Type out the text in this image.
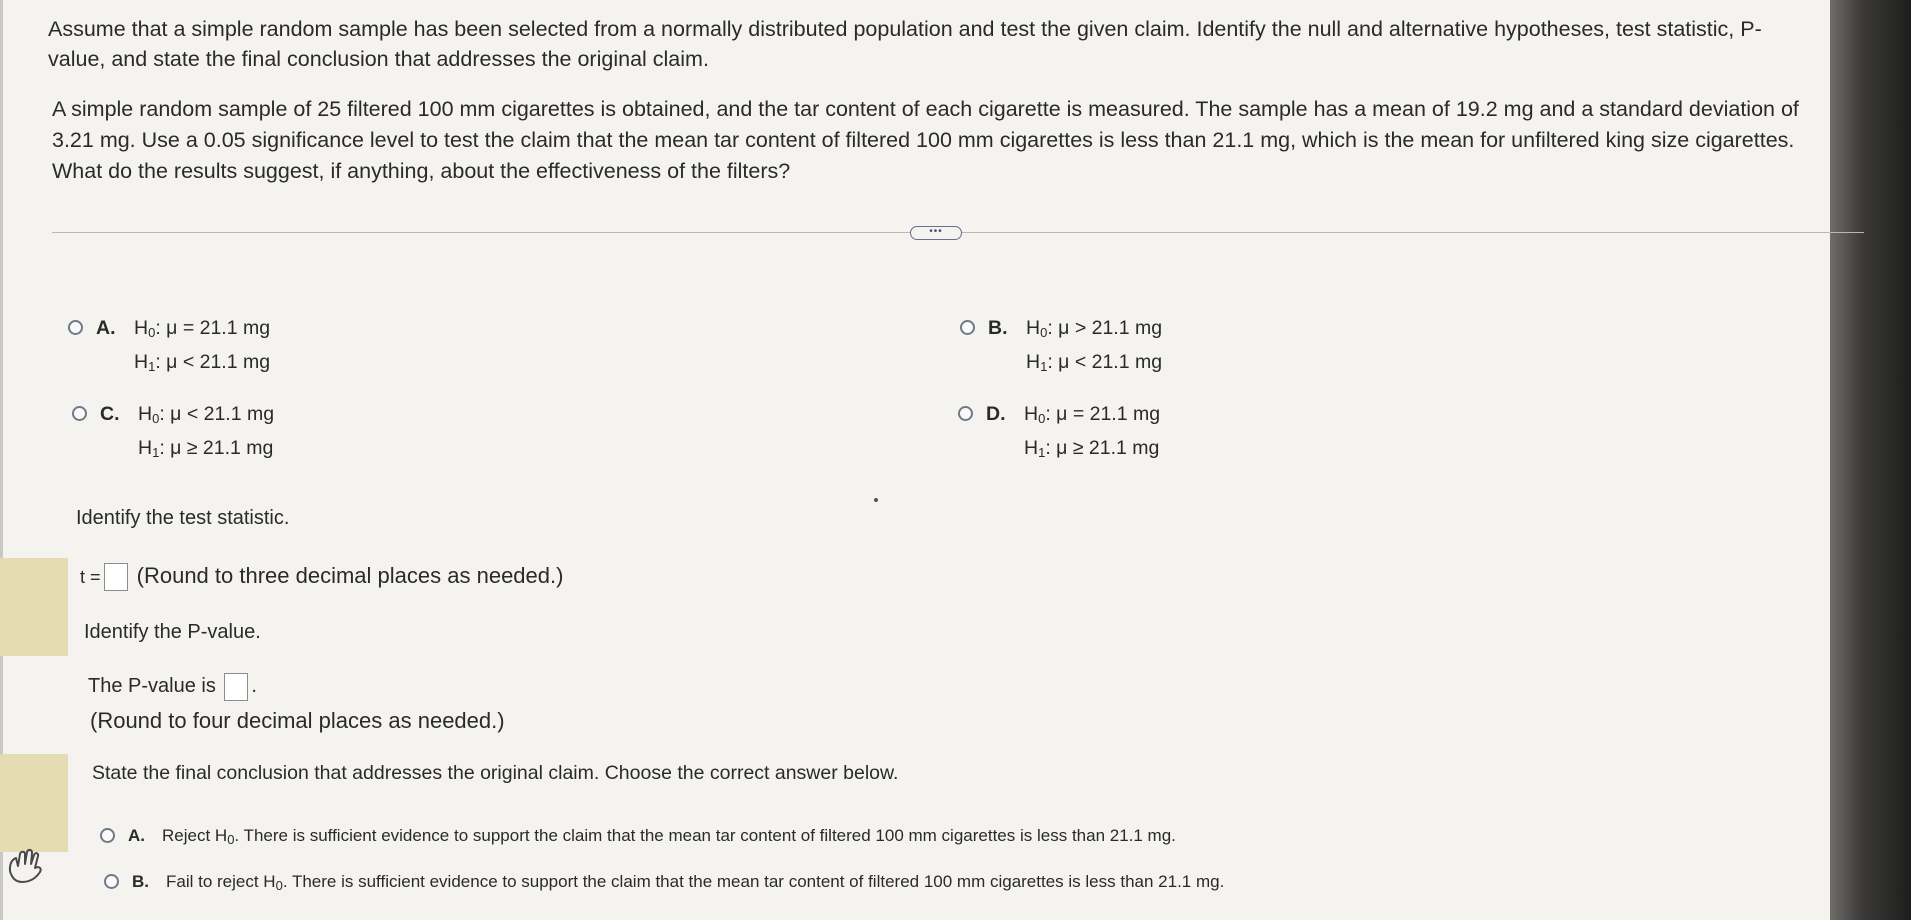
Assume that a simple random sample has been selected from a normally distributed population and test the given claim. Identify the null and alternative hypotheses, test statistic, P-value, and state the final conclusion that addresses the original claim.
A simple random sample of 25 filtered 100 mm cigarettes is obtained, and the tar content of each cigarette is measured. The sample has a mean of 19.2 mg and a standard deviation of 3.21 mg. Use a 0.05 significance level to test the claim that the mean tar content of filtered 100 mm cigarettes is less than 21.1 mg, which is the mean for unfiltered king size cigarettes. What do the results suggest, if anything, about the effectiveness of the filters?
•••
A. $H_0$: μ = 21.1 mg
$H_1$: μ < 21.1 mg
B. $H_0$: μ > 21.1 mg
$H_1$: μ < 21.1 mg
C. $H_0$: μ < 21.1 mg
$H_1$: μ ≥ 21.1 mg
D. $H_0$: μ = 21.1 mg
$H_1$: μ ≥ 21.1 mg
Identify the test statistic.
t = (Round to three decimal places as needed.)
Identify the P-value.
The P-value is .
(Round to four decimal places as needed.)
State the final conclusion that addresses the original claim. Choose the correct answer below.
A. Reject $H_0$. There is sufficient evidence to support the claim that the mean tar content of filtered 100 mm cigarettes is less than 21.1 mg.
B. Fail to reject $H_0$. There is sufficient evidence to support the claim that the mean tar content of filtered 100 mm cigarettes is less than 21.1 mg.
